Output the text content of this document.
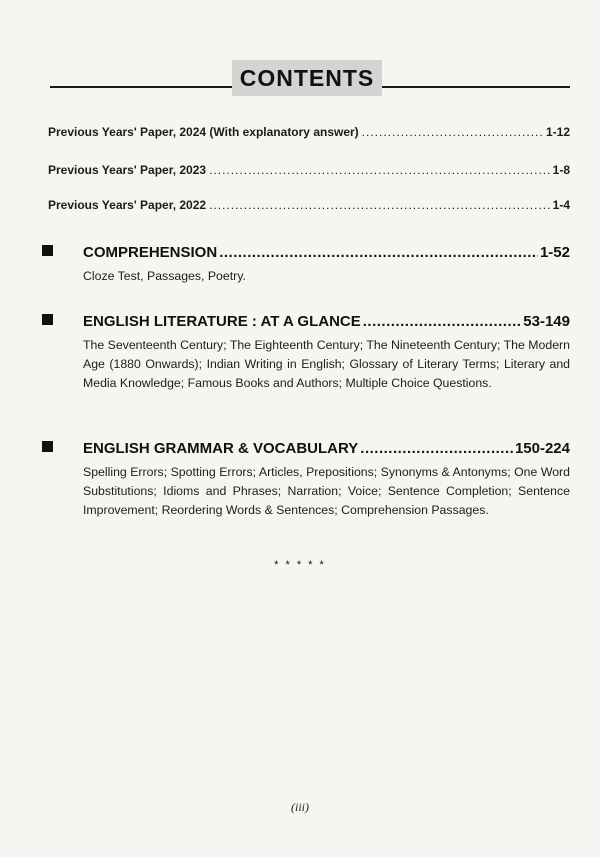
CONTENTS
Previous Years' Paper, 2024 (With explanatory answer) .....	1-12
Previous Years' Paper, 2023 .....	1-8
Previous Years' Paper, 2022 .....	1-4
COMPREHENSION .....	1-52
Cloze Test, Passages, Poetry.
ENGLISH LITERATURE : AT A GLANCE .....	53-149
The Seventeenth Century; The Eighteenth Century; The Nineteenth Century; The Modern Age (1880 Onwards); Indian Writing in English; Glossary of Literary Terms; Literary and Media Knowledge; Famous Books and Authors; Multiple Choice Questions.
ENGLISH GRAMMAR & VOCABULARY .....	150-224
Spelling Errors; Spotting Errors; Articles, Prepositions; Synonyms & Antonyms; One Word Substitutions; Idioms and Phrases; Narration; Voice; Sentence Completion; Sentence Improvement; Reordering Words & Sentences; Comprehension Passages.
* * * * *
(iii)
